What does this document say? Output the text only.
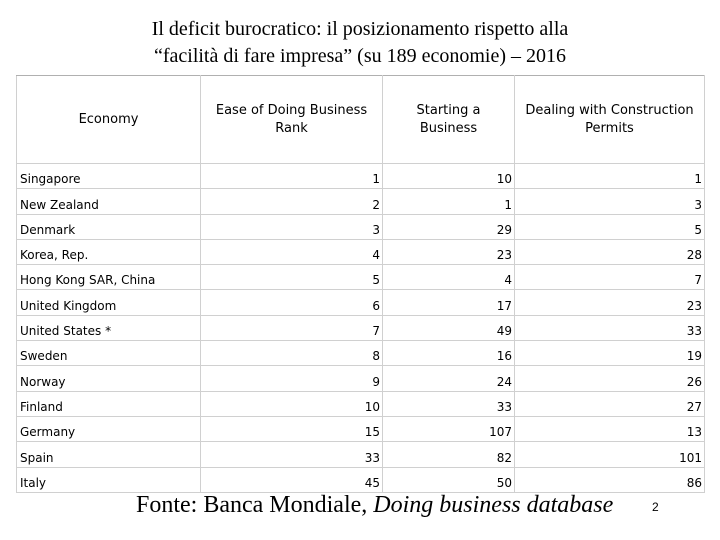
Il deficit burocratico: il posizionamento rispetto alla
“facilità di fare impresa” (su 189 economie) – 2016
Economy	Ease of Doing Business Rank	Starting a Business	Dealing with Construction Permits
Singapore	1	10	1
New Zealand	2	1	3
Denmark	3	29	5
Korea, Rep.	4	23	28
Hong Kong SAR, China	5	4	7
United Kingdom	6	17	23
United States *	7	49	33
Sweden	8	16	19
Norway	9	24	26
Finland	10	33	27
Germany	15	107	13
Spain	33	82	101
Italy	45	50	86
Fonte: Banca Mondiale, Doing business database	2
